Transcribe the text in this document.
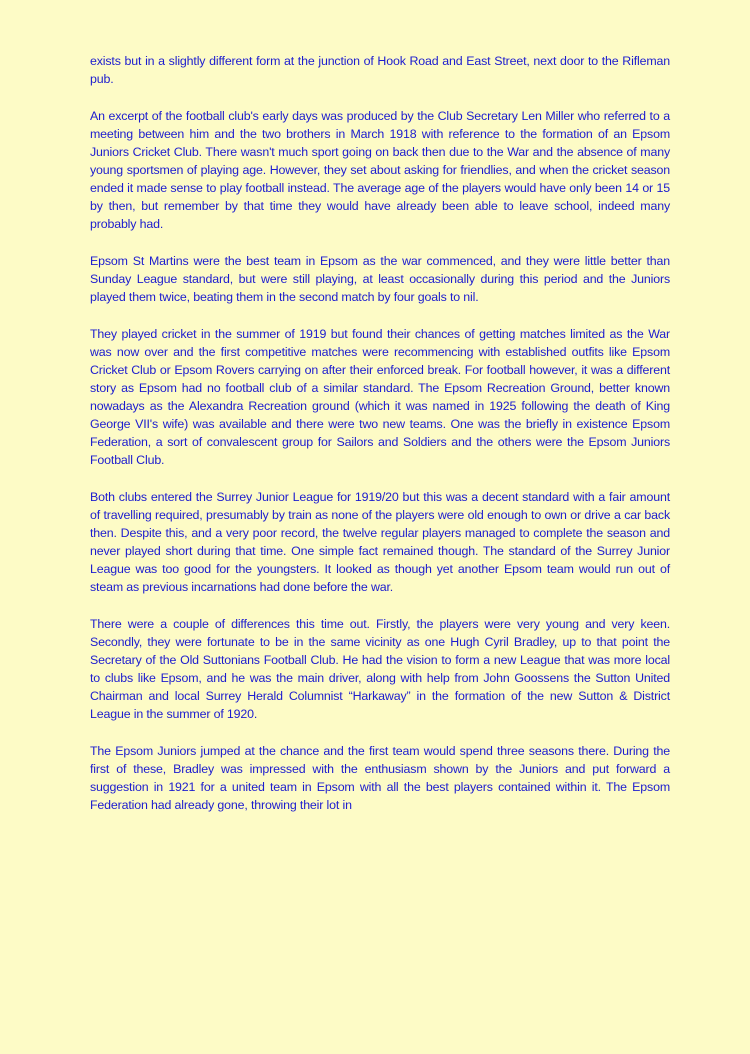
exists but in a slightly different form at the junction of Hook Road and East Street, next door to the Rifleman pub.

An excerpt of the football club's early days was produced by the Club Secretary Len Miller who referred to a meeting between him and the two brothers in March 1918 with reference to the formation of an Epsom Juniors Cricket Club. There wasn't much sport going on back then due to the War and the absence of many young sportsmen of playing age. However, they set about asking for friendlies, and when the cricket season ended it made sense to play football instead. The average age of the players would have only been 14 or 15 by then, but remember by that time they would have already been able to leave school, indeed many probably had.

Epsom St Martins were the best team in Epsom as the war commenced, and they were little better than Sunday League standard, but were still playing, at least occasionally during this period and the Juniors played them twice, beating them in the second match by four goals to nil.

They played cricket in the summer of 1919 but found their chances of getting matches limited as the War was now over and the first competitive matches were recommencing with established outfits like Epsom Cricket Club or Epsom Rovers carrying on after their enforced break. For football however, it was a different story as Epsom had no football club of a similar standard. The Epsom Recreation Ground, better known nowadays as the Alexandra Recreation ground (which it was named in 1925 following the death of King George VII's wife) was available and there were two new teams. One was the briefly in existence Epsom Federation, a sort of convalescent group for Sailors and Soldiers and the others were the Epsom Juniors Football Club.

Both clubs entered the Surrey Junior League for 1919/20 but this was a decent standard with a fair amount of travelling required, presumably by train as none of the players were old enough to own or drive a car back then. Despite this, and a very poor record, the twelve regular players managed to complete the season and never played short during that time. One simple fact remained though. The standard of the Surrey Junior League was too good for the youngsters. It looked as though yet another Epsom team would run out of steam as previous incarnations had done before the war.

There were a couple of differences this time out. Firstly, the players were very young and very keen. Secondly, they were fortunate to be in the same vicinity as one Hugh Cyril Bradley, up to that point the Secretary of the Old Suttonians Football Club. He had the vision to form a new League that was more local to clubs like Epsom, and he was the main driver, along with help from John Goossens the Sutton United Chairman and local Surrey Herald Columnist “Harkaway” in the formation of the new Sutton & District League in the summer of 1920.

The Epsom Juniors jumped at the chance and the first team would spend three seasons there. During the first of these, Bradley was impressed with the enthusiasm shown by the Juniors and put forward a suggestion in 1921 for a united team in Epsom with all the best players contained within it. The Epsom Federation had already gone, throwing their lot in
